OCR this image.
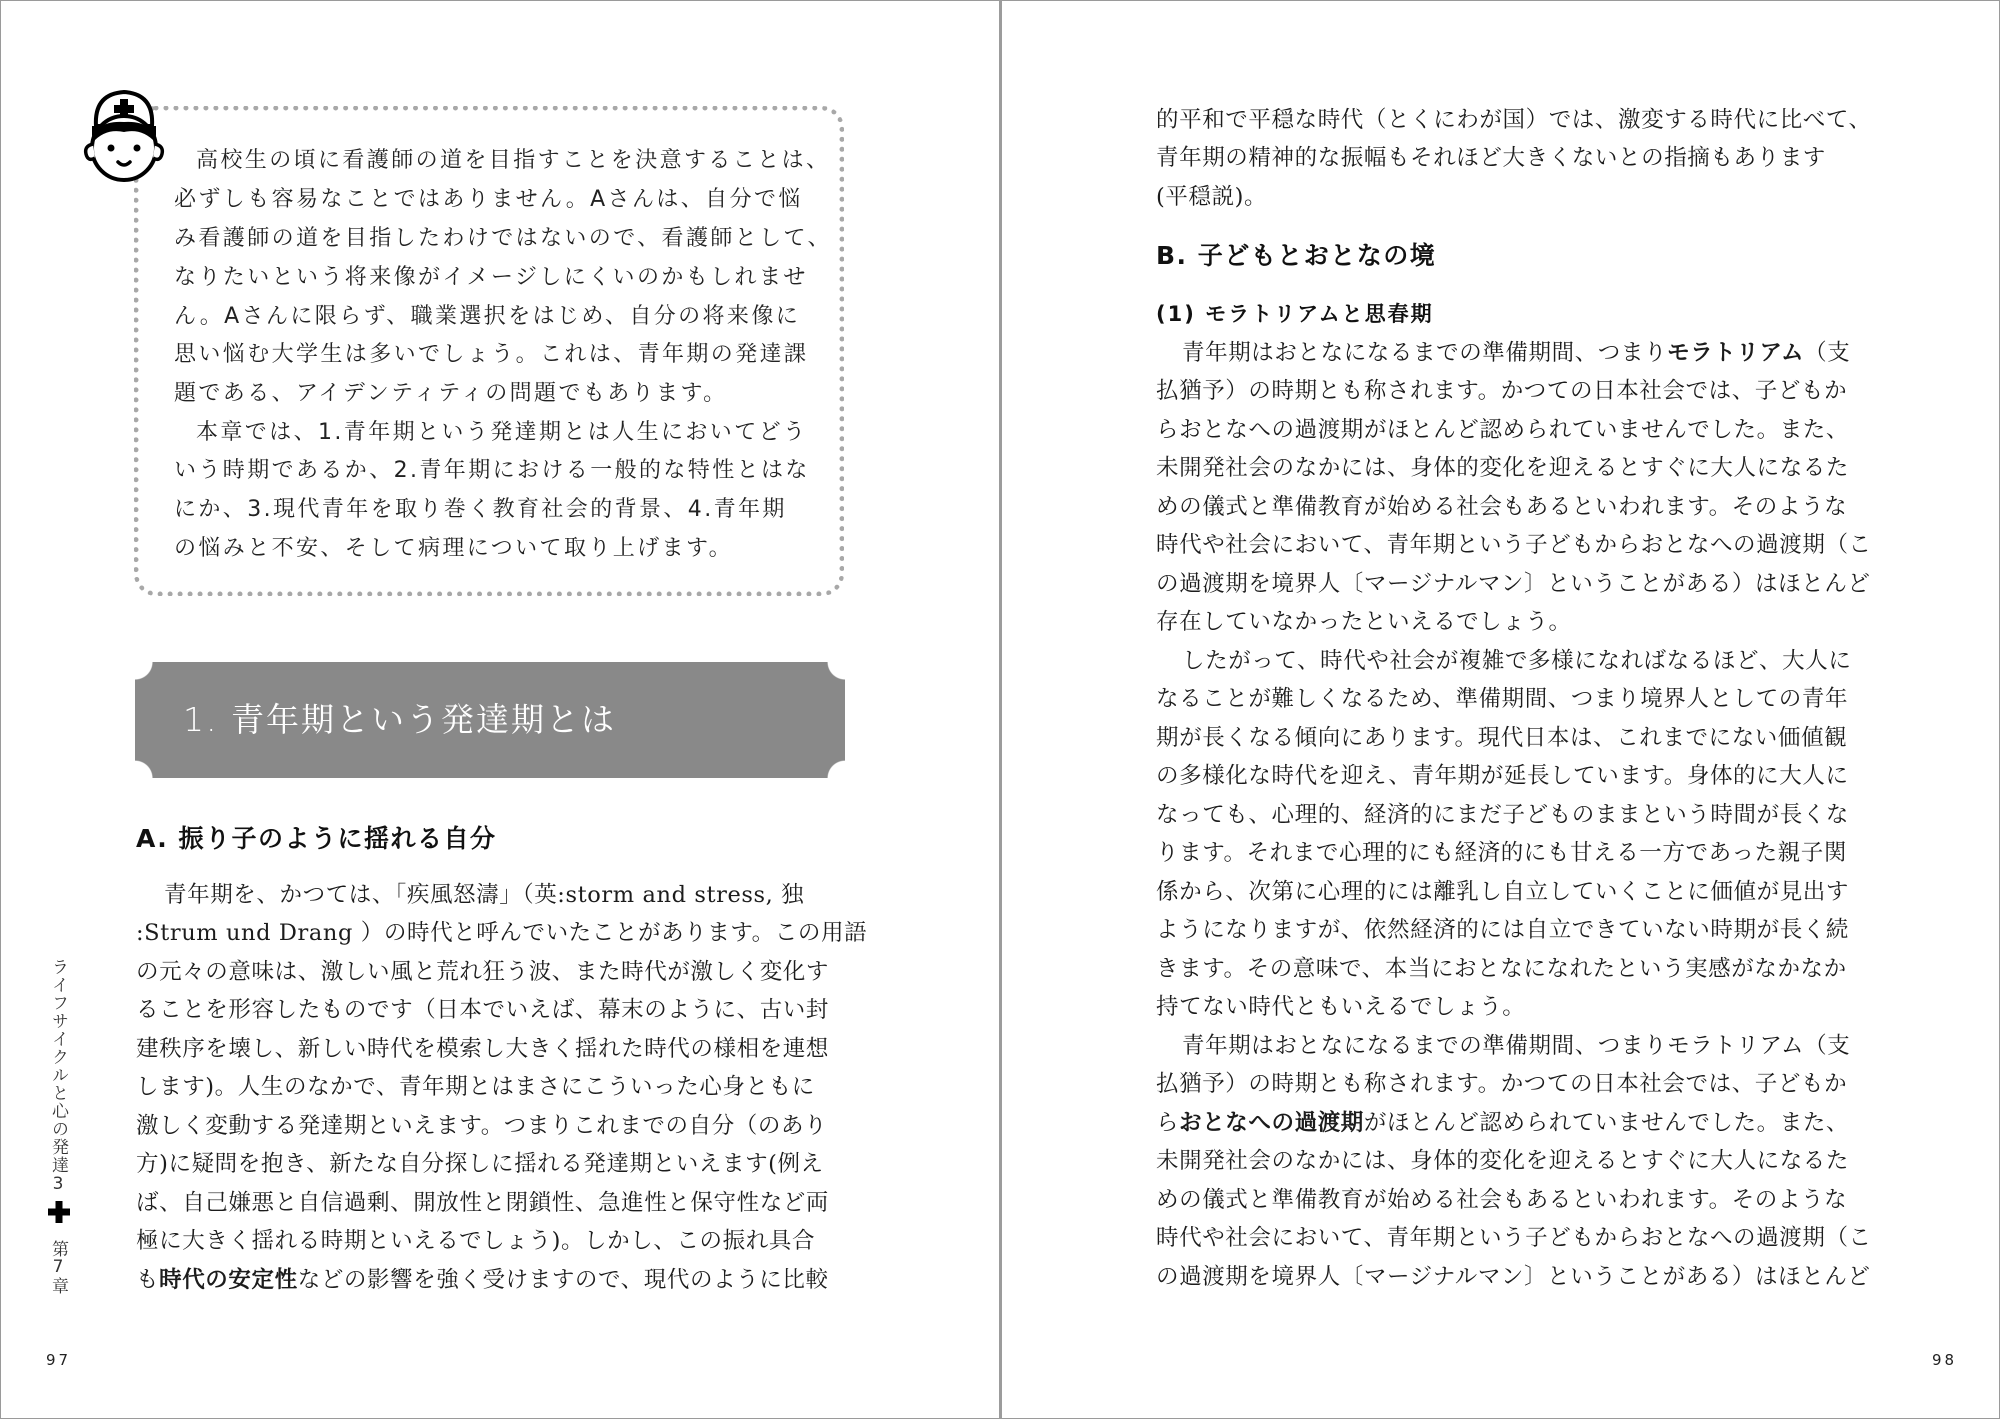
高校生の頃に看護師の道を目指すことを決意することは、
必ずしも容易なことではありません。Aさんは、自分で悩
み看護師の道を目指したわけではないので、看護師として、
なりたいという将来像がイメージしにくいのかもしれませ
ん。Aさんに限らず、職業選択をはじめ、自分の将来像に
思い悩む大学生は多いでしょう。これは、青年期の発達課
題である、アイデンティティの問題でもあります。
本章では、1.青年期という発達期とは人生においてどう
いう時期であるか、2.青年期における一般的な特性とはな
にか、3.現代青年を取り巻く教育社会的背景、4.青年期
の悩みと不安、そして病理について取り上げます。
1. 青年期という発達期とは
A. 振り子のように揺れる自分
青年期を、かつては、「疾風怒濤」（英:storm and stress, 独
:Strum und Drang ）の時代と呼んでいたことがあります。この用語
の元々の意味は、激しい風と荒れ狂う波、また時代が激しく変化す
ることを形容したものです（日本でいえば、幕末のように、古い封
建秩序を壊し、新しい時代を模索し大きく揺れた時代の様相を連想
します)。人生のなかで、青年期とはまさにこういった心身ともに
激しく変動する発達期といえます。つまりこれまでの自分（のあり
方)に疑問を抱き、新たな自分探しに揺れる発達期といえます(例え
ば、自己嫌悪と自信過剰、開放性と閉鎖性、急進性と保守性など両
極に大きく揺れる時期といえるでしょう)。しかし、この振れ具合
も時代の安定性などの影響を強く受けますので、現代のように比較
ライフサイクルと心の発達3
第7章
97
的平和で平穏な時代（とくにわが国）では、激変する時代に比べて、
青年期の精神的な振幅もそれほど大きくないとの指摘もあります
(平穏説)。
B. 子どもとおとなの境
(1) モラトリアムと思春期
青年期はおとなになるまでの準備期間、つまりモラトリアム（支
払猶予）の時期とも称されます。かつての日本社会では、子どもか
らおとなへの過渡期がほとんど認められていませんでした。また、
未開発社会のなかには、身体的変化を迎えるとすぐに大人になるた
めの儀式と準備教育が始める社会もあるといわれます。そのような
時代や社会において、青年期という子どもからおとなへの過渡期（こ
の過渡期を境界人〔マージナルマン〕ということがある）はほとんど
存在していなかったといえるでしょう。
したがって、時代や社会が複雑で多様になればなるほど、大人に
なることが難しくなるため、準備期間、つまり境界人としての青年
期が長くなる傾向にあります。現代日本は、これまでにない価値観
の多様化な時代を迎え、青年期が延長しています。身体的に大人に
なっても、心理的、経済的にまだ子どものままという時間が長くな
ります。それまで心理的にも経済的にも甘える一方であった親子関
係から、次第に心理的には離乳し自立していくことに価値が見出す
ようになりますが、依然経済的には自立できていない時期が長く続
きます。その意味で、本当におとなになれたという実感がなかなか
持てない時代ともいえるでしょう。
青年期はおとなになるまでの準備期間、つまりモラトリアム（支
払猶予）の時期とも称されます。かつての日本社会では、子どもか
らおとなへの過渡期がほとんど認められていませんでした。また、
未開発社会のなかには、身体的変化を迎えるとすぐに大人になるた
めの儀式と準備教育が始める社会もあるといわれます。そのような
時代や社会において、青年期という子どもからおとなへの過渡期（こ
の過渡期を境界人〔マージナルマン〕ということがある）はほとんど
98
